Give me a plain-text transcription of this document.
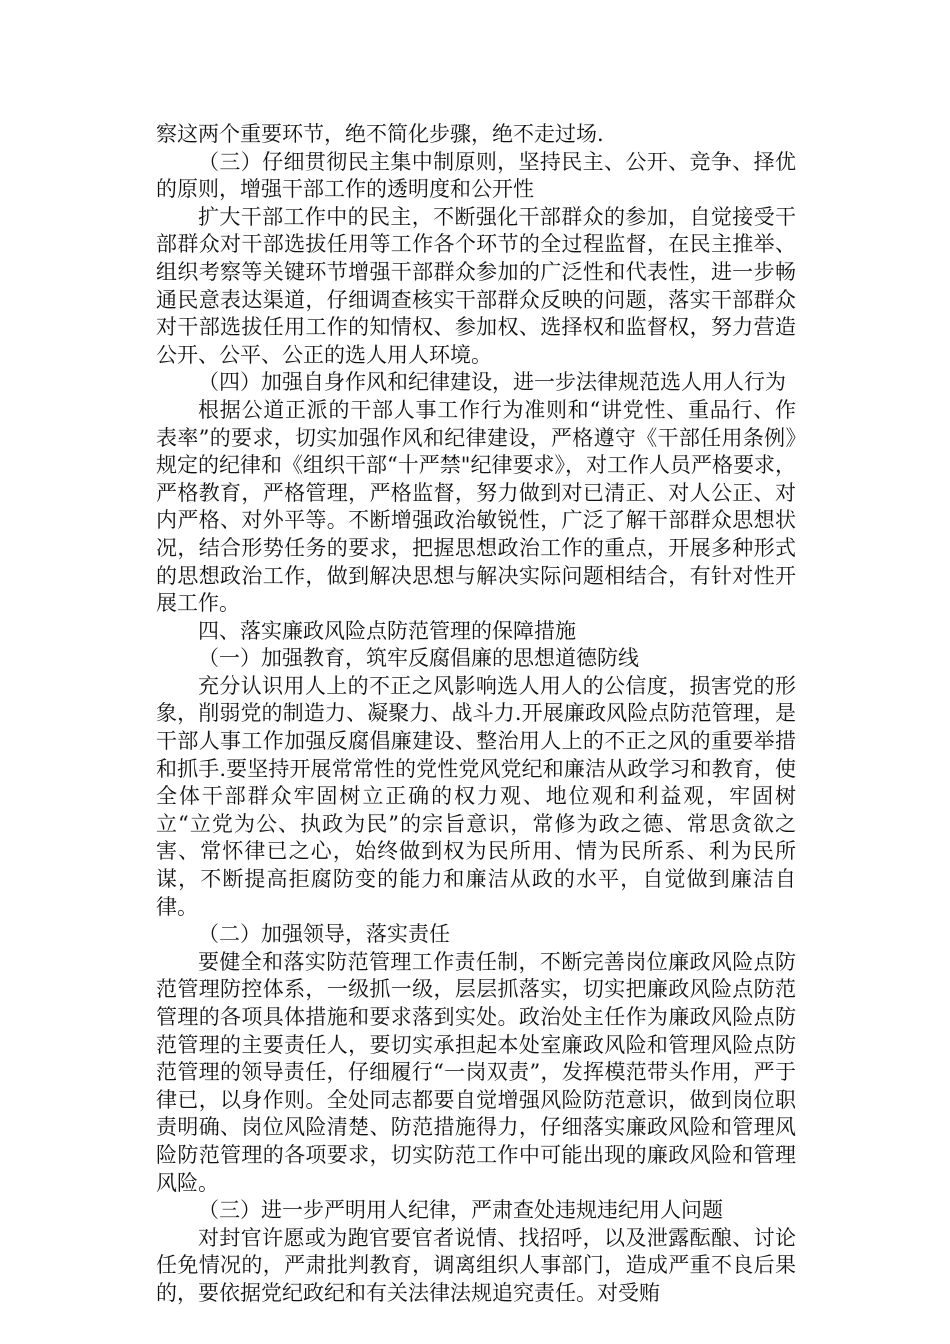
察这两个重要环节，绝不简化步骤，绝不走过场.

（三）仔细贯彻民主集中制原则，坚持民主、公开、竞争、择优的原则，增强干部工作的透明度和公开性

扩大干部工作中的民主，不断强化干部群众的参加，自觉接受干部群众对干部选拔任用等工作各个环节的全过程监督，在民主推举、组织考察等关键环节增强干部群众参加的广泛性和代表性，进一步畅通民意表达渠道，仔细调查核实干部群众反映的问题，落实干部群众对干部选拔任用工作的知情权、参加权、选择权和监督权，努力营造公开、公平、公正的选人用人环境。

（四）加强自身作风和纪律建设，进一步法律规范选人用人行为

根据公道正派的干部人事工作行为准则和“讲党性、重品行、作表率”的要求，切实加强作风和纪律建设，严格遵守《干部任用条例》规定的纪律和《组织干部“十严禁"纪律要求》，对工作人员严格要求，严格教育，严格管理，严格监督，努力做到对已清正、对人公正、对内严格、对外平等。不断增强政治敏锐性，广泛了解干部群众思想状况，结合形势任务的要求，把握思想政治工作的重点，开展多种形式的思想政治工作，做到解决思想与解决实际问题相结合，有针对性开展工作。

四、落实廉政风险点防范管理的保障措施

（一）加强教育，筑牢反腐倡廉的思想道德防线

充分认识用人上的不正之风影响选人用人的公信度，损害党的形象，削弱党的制造力、凝聚力、战斗力.开展廉政风险点防范管理，是干部人事工作加强反腐倡廉建设、整治用人上的不正之风的重要举措和抓手.要坚持开展常常性的党性党风党纪和廉洁从政学习和教育，使全体干部群众牢固树立正确的权力观、地位观和利益观，牢固树立“立党为公、执政为民”的宗旨意识，常修为政之德、常思贪欲之害、常怀律已之心，始终做到权为民所用、情为民所系、利为民所谋，不断提高拒腐防变的能力和廉洁从政的水平，自觉做到廉洁自律。

（二）加强领导，落实责任

要健全和落实防范管理工作责任制，不断完善岗位廉政风险点防范管理防控体系，一级抓一级，层层抓落实，切实把廉政风险点防范管理的各项具体措施和要求落到实处。政治处主任作为廉政风险点防范管理的主要责任人，要切实承担起本处室廉政风险和管理风险点防范管理的领导责任，仔细履行“一岗双责”，发挥模范带头作用，严于律已，以身作则。全处同志都要自觉增强风险防范意识，做到岗位职责明确、岗位风险清楚、防范措施得力，仔细落实廉政风险和管理风险防范管理的各项要求，切实防范工作中可能出现的廉政风险和管理风险。

（三）进一步严明用人纪律，严肃查处违规违纪用人问题

对封官许愿或为跑官要官者说情、找招呼，以及泄露酝酿、讨论任免情况的，严肃批判教育，调离组织人事部门，造成严重不良后果的，要依据党纪政纪和有关法律法规追究责任。对受贿
